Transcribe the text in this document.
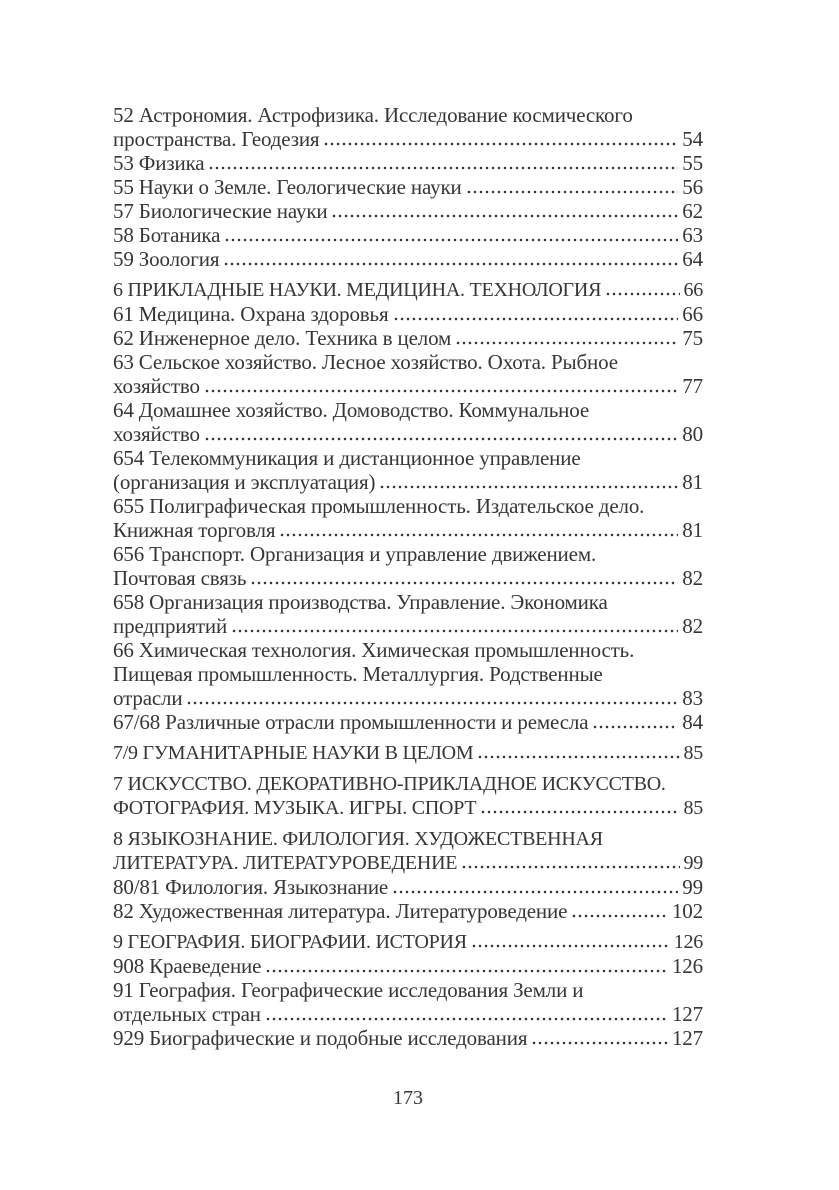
52 Астрономия. Астрофизика. Исследование космического
пространства. Геодезия	54
53 Физика	55
55 Науки о Земле. Геологические науки	56
57 Биологические науки	62
58 Ботаника	63
59 Зоология	64
6 ПРИКЛАДНЫЕ НАУКИ. МЕДИЦИНА. ТЕХНОЛОГИЯ	66
61 Медицина. Охрана здоровья	66
62 Инженерное дело. Техника в целом	75
63 Сельское хозяйство. Лесное хозяйство. Охота. Рыбное
хозяйство	77
64 Домашнее хозяйство. Домоводство. Коммунальное
хозяйство	80
654 Телекоммуникация и дистанционное управление
(организация и эксплуатация)	81
655 Полиграфическая промышленность. Издательское дело.
Книжная торговля	81
656 Транспорт. Организация и управление движением.
Почтовая связь	82
658 Организация производства. Управление. Экономика
предприятий	82
66 Химическая технология. Химическая промышленность.
Пищевая промышленность. Металлургия. Родственные
отрасли	83
67/68 Различные отрасли промышленности и ремесла	84
7/9 ГУМАНИТАРНЫЕ НАУКИ В ЦЕЛОМ	85
7 ИСКУССТВО. ДЕКОРАТИВНО-ПРИКЛАДНОЕ ИСКУССТВО.
ФОТОГРАФИЯ. МУЗЫКА. ИГРЫ. СПОРТ	85
8 ЯЗЫКОЗНАНИЕ. ФИЛОЛОГИЯ. ХУДОЖЕСТВЕННАЯ
ЛИТЕРАТУРА. ЛИТЕРАТУРОВЕДЕНИЕ	99
80/81 Филология. Языкознание	99
82 Художественная литература. Литературоведение	102
9 ГЕОГРАФИЯ. БИОГРАФИИ. ИСТОРИЯ	126
908 Краеведение	126
91 География. Географические исследования Земли и
отдельных стран	127
929 Биографические и подобные исследования	127
173
